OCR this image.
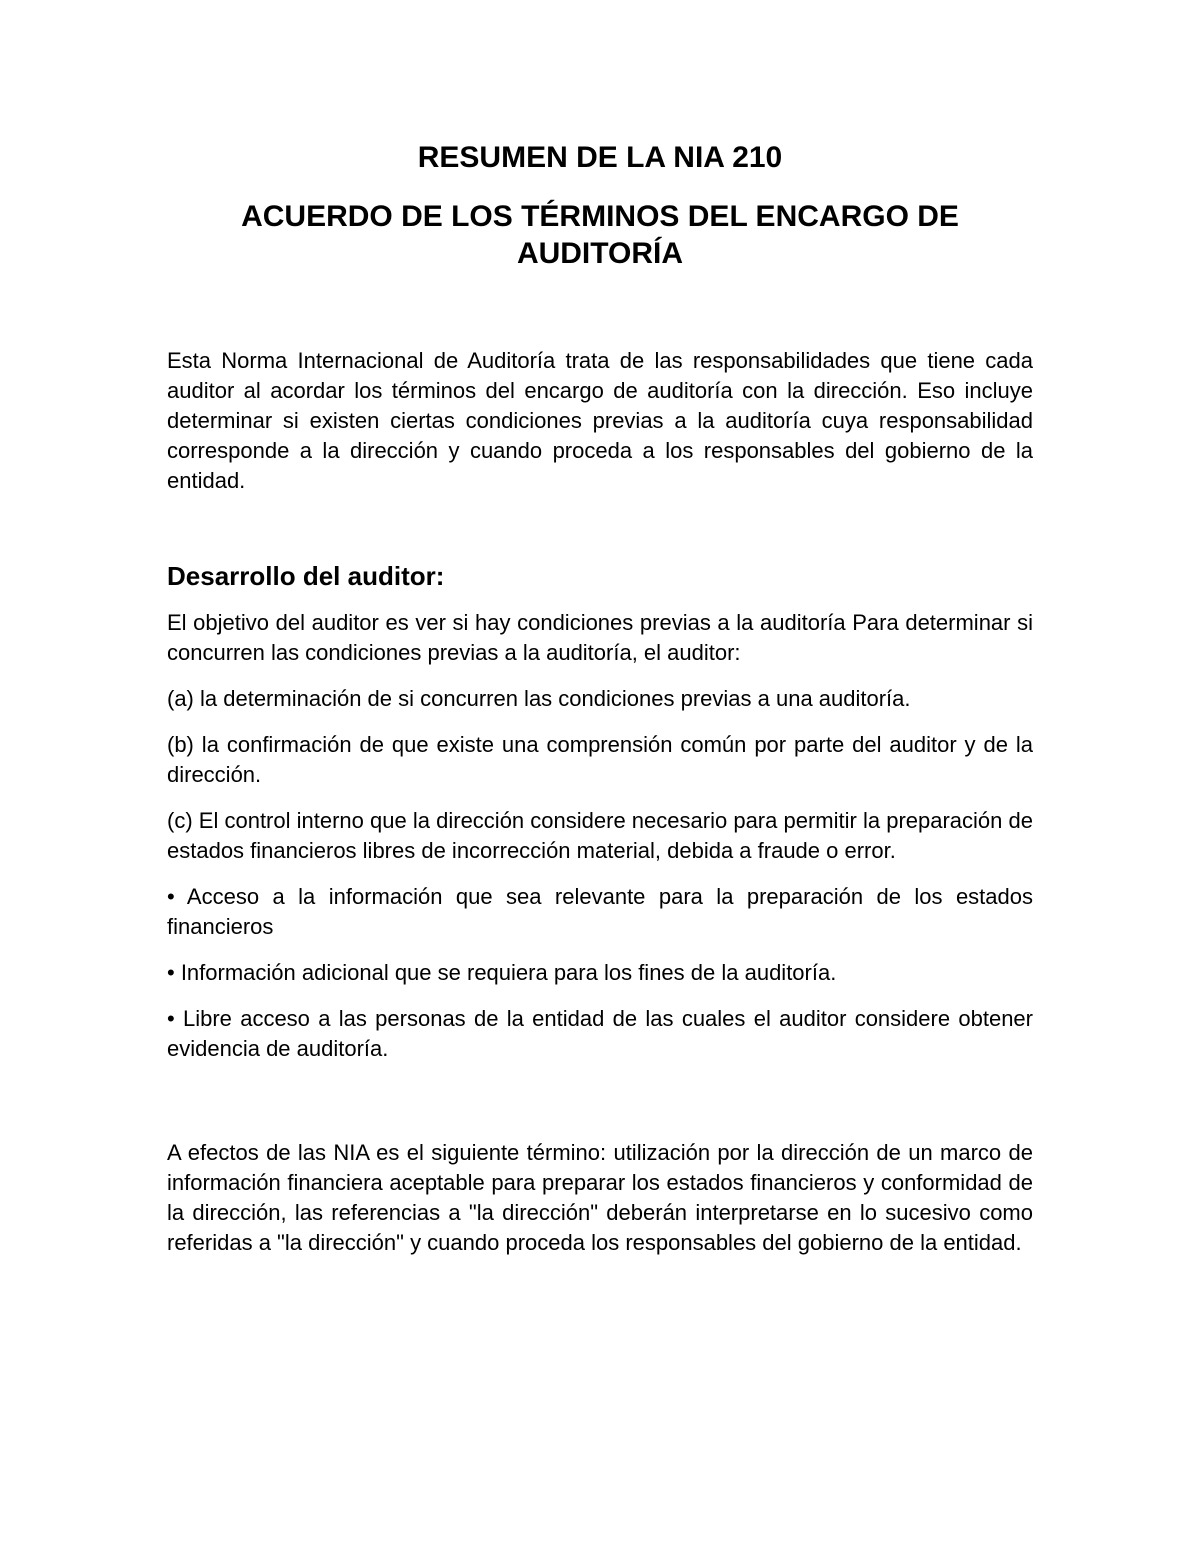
RESUMEN DE LA NIA 210
ACUERDO DE LOS TÉRMINOS DEL ENCARGO DE
AUDITORÍA

Esta Norma Internacional de Auditoría trata de las responsabilidades que tiene cada auditor al acordar los términos del encargo de auditoría con la dirección. Eso incluye determinar si existen ciertas condiciones previas a la auditoría cuya responsabilidad corresponde a la dirección y cuando proceda a los responsables del gobierno de la entidad.

Desarrollo del auditor:

El objetivo del auditor es ver si hay condiciones previas a la auditoría Para determinar si concurren las condiciones previas a la auditoría, el auditor:

(a) la determinación de si concurren las condiciones previas a una auditoría.

(b) la confirmación de que existe una comprensión común por parte del auditor y de la dirección.

(c) El control interno que la dirección considere necesario para permitir la preparación de estados financieros libres de incorrección material, debida a fraude o error.

• Acceso a la información que sea relevante para la preparación de los estados financieros

• Información adicional que se requiera para los fines de la auditoría.

• Libre acceso a las personas de la entidad de las cuales el auditor considere obtener evidencia de auditoría.

A efectos de las NIA es el siguiente término: utilización por la dirección de un marco de información financiera aceptable para preparar los estados financieros y conformidad de la dirección, las referencias a "la dirección" deberán interpretarse en lo sucesivo como referidas a "la dirección" y cuando proceda los responsables del gobierno de la entidad.
